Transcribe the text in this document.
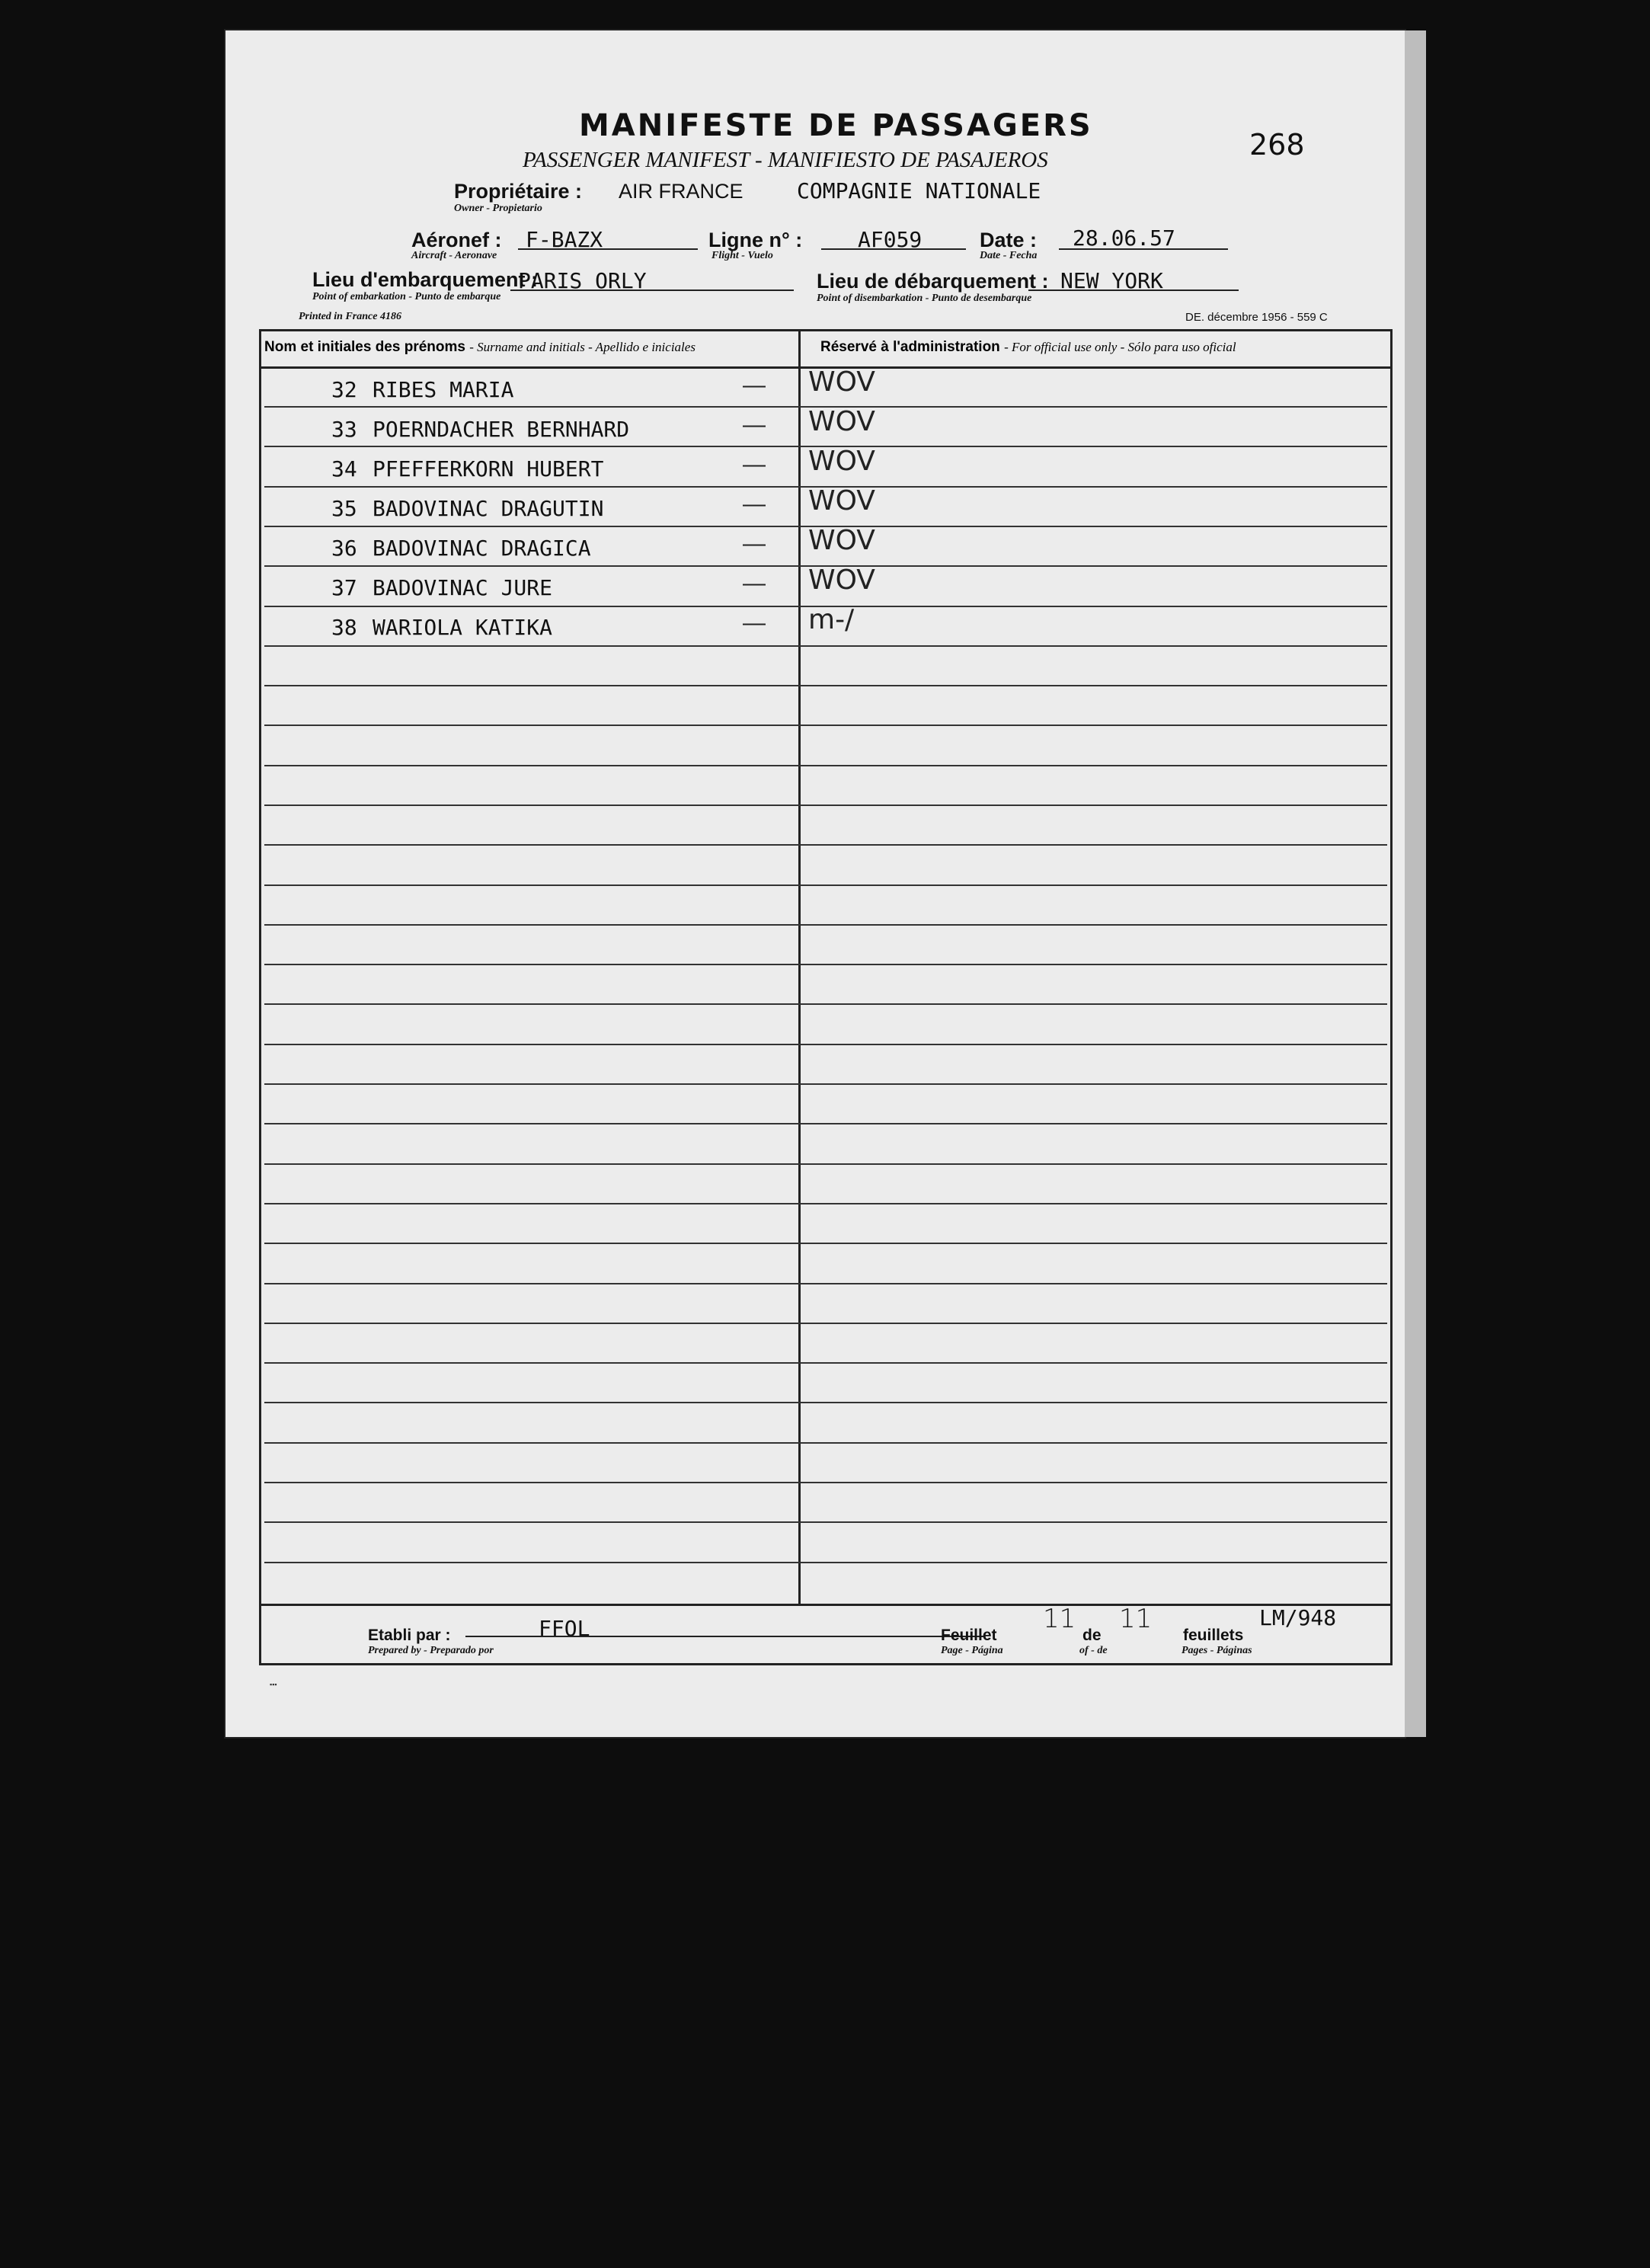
MANIFESTE DE PASSAGERS
PASSENGER MANIFEST - MANIFIESTO DE PASAJEROS	268
Propriétaire :
Owner - Propietario
AIR FRANCE	COMPAGNIE NATIONALE
Aéronef :
Aircraft - Aeronave
F-BAZX	Ligne n° :
Flight - Vuelo
AF059	Date :
Date - Fecha
28.06.57
Lieu d'embarquement :
Point of embarkation - Punto de embarque
PARIS ORLY	Lieu de débarquement :
Point of disembarkation - Punto de desembarque
NEW YORK
Printed in France 4186	DE. décembre 1956 - 559 C
Nom et initiales des prénoms - Surname and initials - Apellido e iniciales	Réservé à l'administration - For official use only - Sólo para uso oficial
32 RIBES MARIA	— WOV
33 POERNDACHER BERNHARD	— WOV
34 PFEFFERKORN HUBERT	— WOV
35 BADOVINAC DRAGUTIN	— WOV
36 BADOVINAC DRAGICA	— WOV
37 BADOVINAC JURE	— WOV
38 WARIOLA KATIKA	— m-/
Etabli par :
Prepared by - Preparado por
FFOL	Feuillet
Page - Página
11
de
of - de
11
feuillets
Pages - Páginas
LM/948
▪▪▪
